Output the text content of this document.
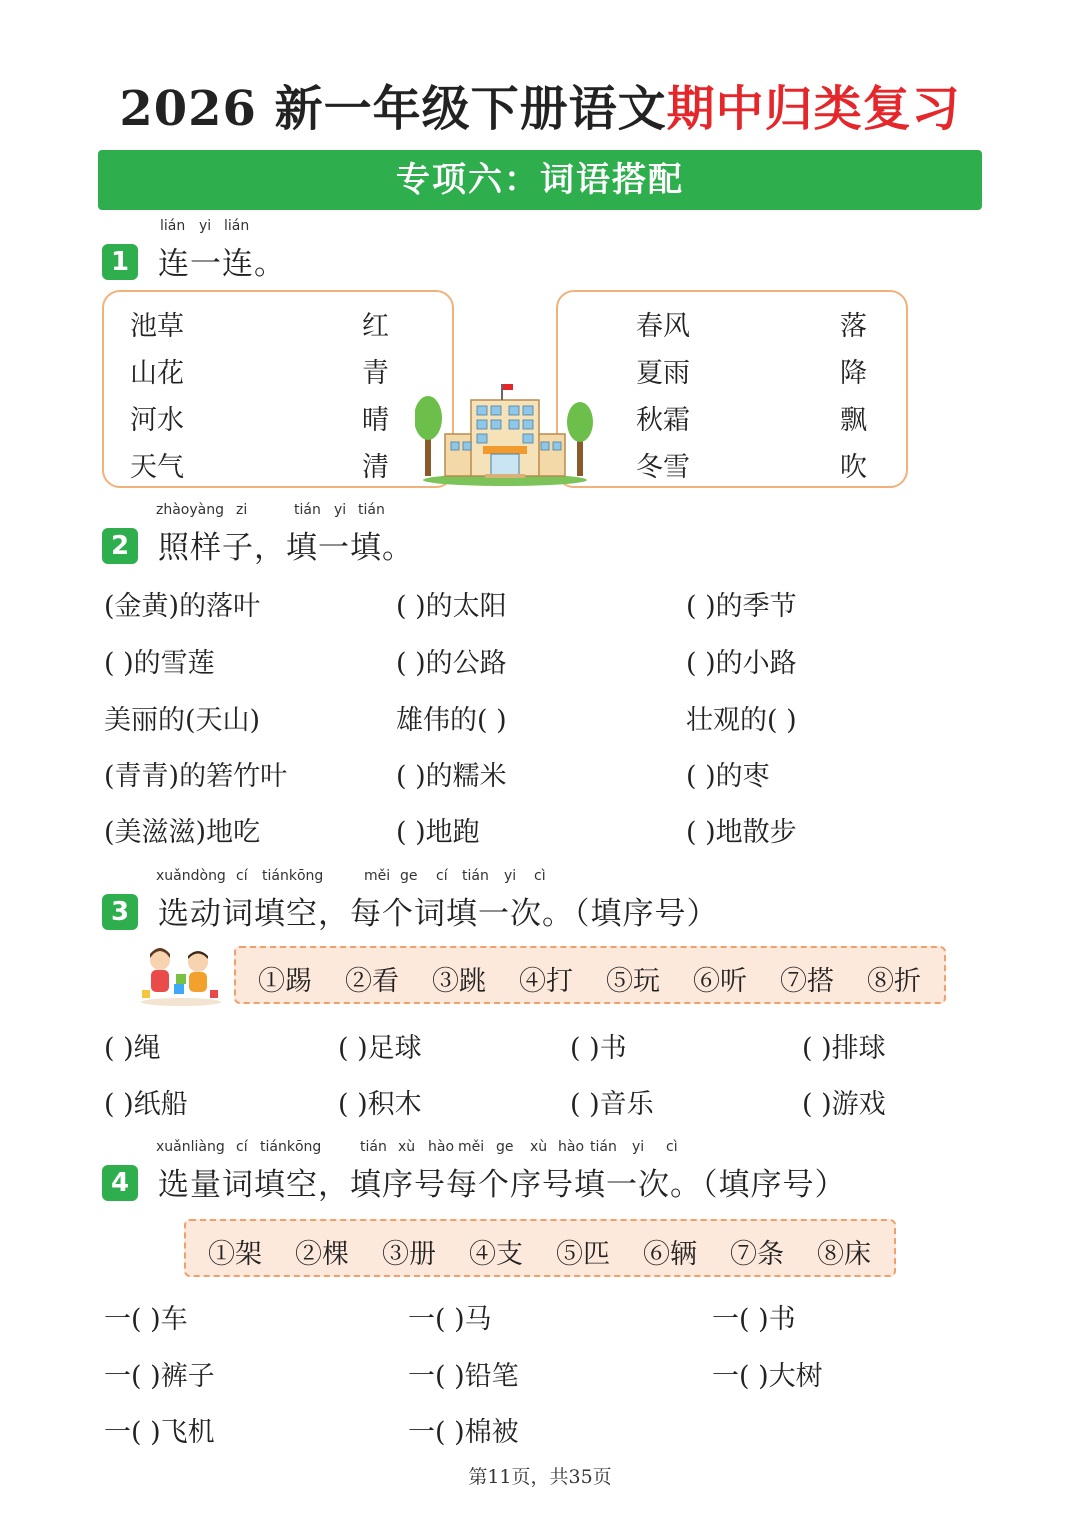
2026 新一年级下册语文期中归类复习
专项六：词语搭配
1
lián yi lián
连一连。
池草
山花
河水
天气
红
青
晴
清
春风
夏雨
秋霜
冬雪
落
降
飘
吹
2
zhàoyàng zi	tián yi tián
照样子，填一填。
(金黄)的落叶	( )的太阳	( )的季节
( )的雪莲	( )的公路	( )的小路
美丽的(天山)	雄伟的( )	壮观的( )
(青青)的箬竹叶	( )的糯米	( )的枣
(美滋滋)地吃	( )地跑	( )地散步
3
xuǎndòng cí tiánkōng	měi ge cí tián yi cì
选动词填空，每个词填一次。（填序号）
①踢 ②看 ③跳 ④打 ⑤玩 ⑥听 ⑦搭 ⑧折
( )绳	( )足球	( )书	( )排球
( )纸船	( )积木	( )音乐	( )游戏
4
xuǎnliàng cí tiánkōng	tián xù hào měi ge xù hào tián yi cì
选量词填空，填序号每个序号填一次。（填序号）
①架 ②棵 ③册 ④支 ⑤匹 ⑥辆 ⑦条 ⑧床
一( )车	一( )马	一( )书
一( )裤子	一( )铅笔	一( )大树
一( )飞机	一( )棉被
第11页，共35页
